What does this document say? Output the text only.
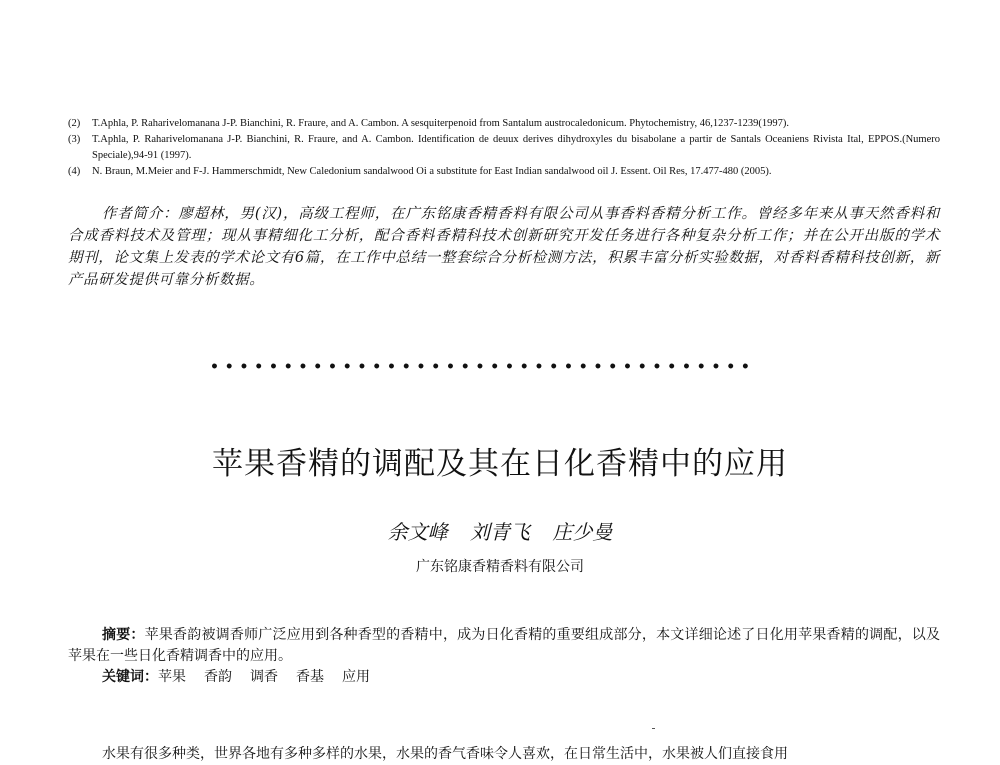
(2)	T.Aphla, P. Raharivelomanana J-P. Bianchini, R. Fraure, and A. Cambon. A sesquiterpenoid from Santalum austrocaledonicum. Phytochemistry, 46,1237-1239(1997).
(3)	T.Aphla, P. Raharivelomanana J-P. Bianchini, R. Fraure, and A. Cambon. Identification de deuux derives dihydroxyles du bisabolane a partir de Santals Oceaniens Rivista Ital, EPPOS.(Numero Speciale),94-91 (1997).
(4)	N. Braun, M.Meier and F-J. Hammerschmidt, New Caledonium sandalwood Oi a substitute for East Indian sandalwood oil J. Essent. Oil Res, 17.477-480 (2005).
作者简介：廖超林，男(汉)，高级工程师，在广东铭康香精香料有限公司从事香料香精分析工作。曾经多年来从事天然香料和合成香料技术及管理；现从事精细化工分析，配合香料香精科技术创新研究开发任务进行各种复杂分析工作；并在公开出版的学术期刊，论文集上发表的学术论文有6篇，在工作中总结一整套综合分析检测方法，积累丰富分析实验数据，对香料香精科技创新，新产品研发提供可靠分析数据。
•••••••••••••••••••••••••••••••••••••
苹果香精的调配及其在日化香精中的应用
余文峰 刘青飞 庄少曼
广东铭康香精香料有限公司
摘要：苹果香韵被调香师广泛应用到各种香型的香精中，成为日化香精的重要组成部分，本文详细论述了日化用苹果香精的调配，以及苹果在一些日化香精调香中的应用。
关键词：苹果 香韵 调香 香基 应用
水果有很多种类，世界各地有多种多样的水果，水果的香气香味令人喜欢，在日常生活中，水果被人们直接食用
